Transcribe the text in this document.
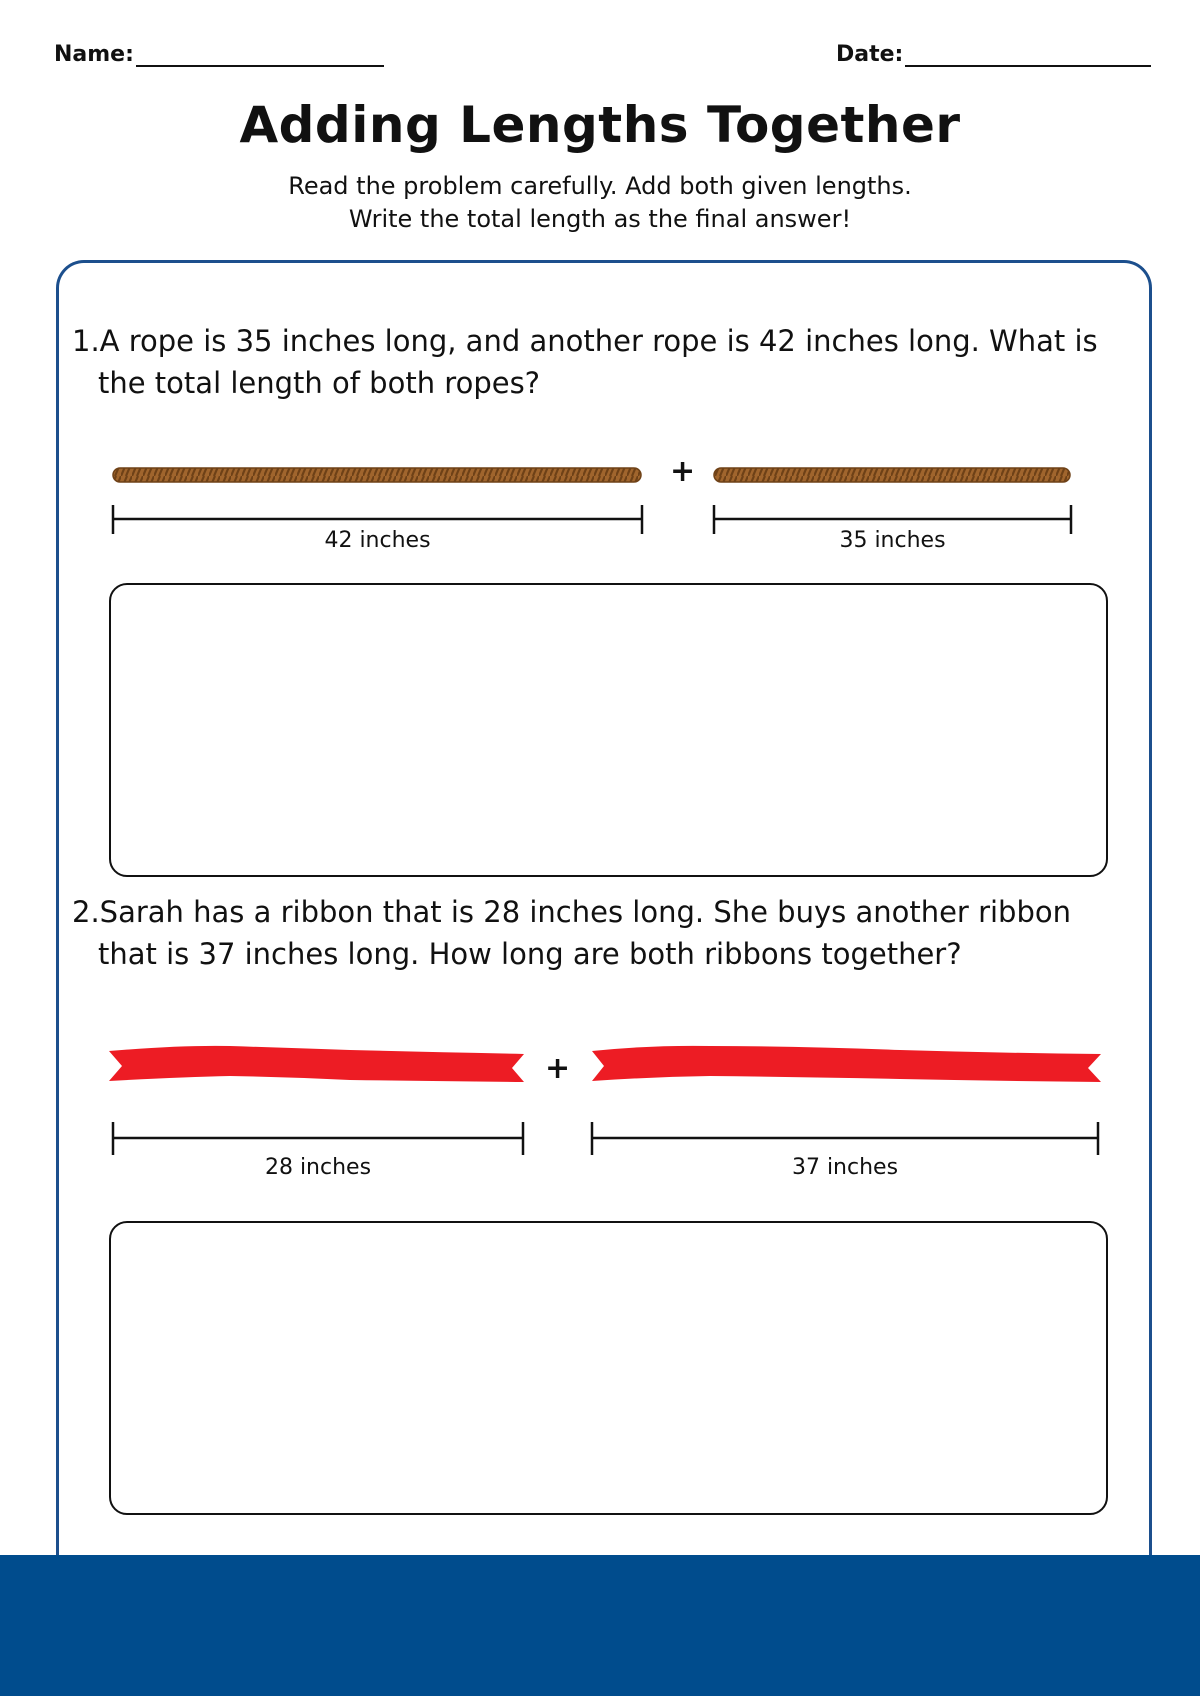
Name:	Date:
Adding Lengths Together
Read the problem carefully. Add both given lengths.
Write the total length as the final answer!
1.A rope is 35 inches long, and another rope is 42 inches long. What is the total length of both ropes?
2.Sarah has a ribbon that is 28 inches long. She buys another ribbon that is 37 inches long. How long are both ribbons together?
+
+
42 inches	35 inches
28 inches	37 inches
